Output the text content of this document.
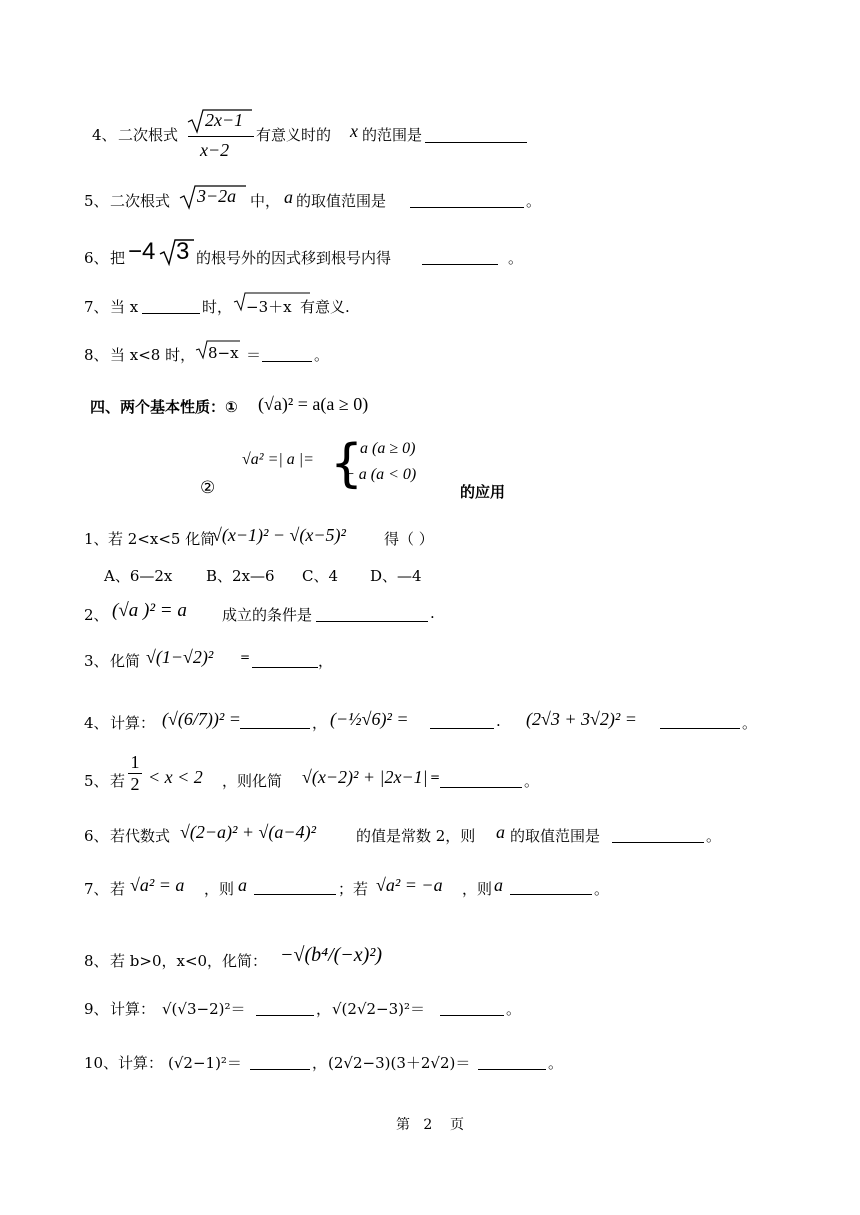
4、 二次根式
2x−1
x−2
有意义时的 x 的范围是
5、 二次根式 3−2a 中， a 的取值范围是	。
6、 把 −4 3 的根号外的因式移到根号内得	。
7、 当 x	时， −3＋x 有意义.
8、 当 x<8 时， 8−x ＝	。
四、两个基本性质：① (√a)² = a(a ≥ 0)
√a² =| a |= {
a (a ≥ 0)
− a (a < 0)
②	的应用
1、 若 2<x<5 化简
√(x−1)² − √(x−5)²	得（ ）
A、6—2x B、2x—6 C、4 D、—4
2、 (√a )² = a 成立的条件是	.
3、 化简 √(1−√2)² =	，
4、 计算： (√(6/7))² =	， (−½√6)² =	. (2√3 + 3√2)² =	。
5、 若 $\frac{1}{2} < x < 2$ ，则化简 √(x−2)² + |2x−1| =	。
6、 若代数式 √(2−a)² + √(a−4)²	的值是常数 2，则 a 的取值范围是	。
7、 若 √a² = a ，则 a	；若 √a² = −a ，则 a	。
8、 若 b>0，x<0，化简： −√(b⁴/(−x)²)
9、 计算： √(√3−2)²＝	， √(2√2−3)²＝	。
10、 计算： (√2−1)²＝	， (2√2−3)(3＋2√2)＝	。
第 2 页
